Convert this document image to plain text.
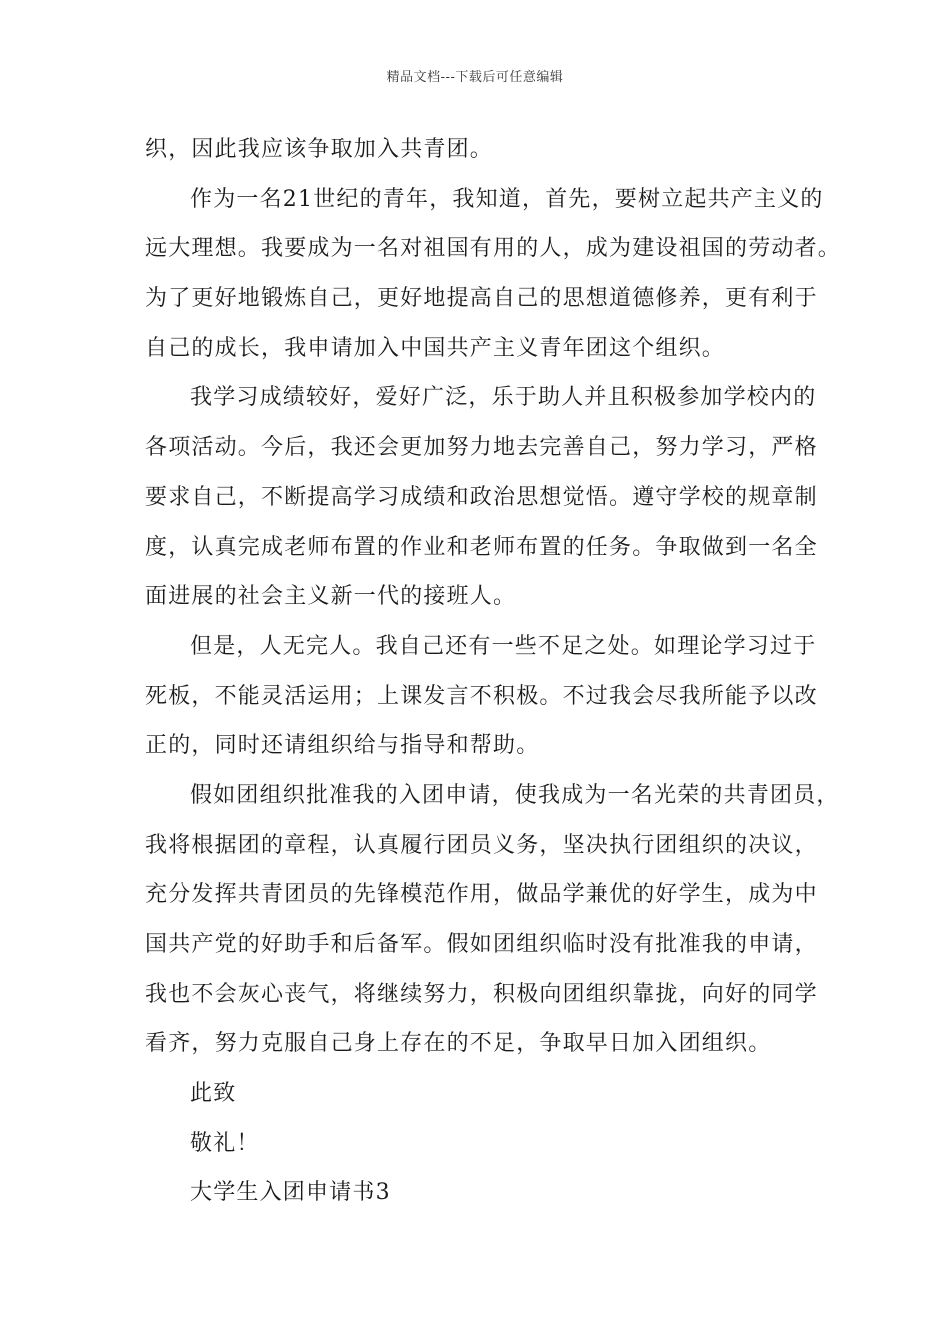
精品文档---下载后可任意编辑
织，因此我应该争取加入共青团。
作为一名21世纪的青年，我知道，首先，要树立起共产主义的
远大理想。我要成为一名对祖国有用的人，成为建设祖国的劳动者。
为了更好地锻炼自己，更好地提高自己的思想道德修养，更有利于
自己的成长，我申请加入中国共产主义青年团这个组织。
我学习成绩较好，爱好广泛，乐于助人并且积极参加学校内的
各项活动。今后，我还会更加努力地去完善自己，努力学习，严格
要求自己，不断提高学习成绩和政治思想觉悟。遵守学校的规章制
度，认真完成老师布置的作业和老师布置的任务。争取做到一名全
面进展的社会主义新一代的接班人。
但是，人无完人。我自己还有一些不足之处。如理论学习过于
死板，不能灵活运用；上课发言不积极。不过我会尽我所能予以改
正的，同时还请组织给与指导和帮助。
假如团组织批准我的入团申请，使我成为一名光荣的共青团员，
我将根据团的章程，认真履行团员义务，坚决执行团组织的决议，
充分发挥共青团员的先锋模范作用，做品学兼优的好学生，成为中
国共产党的好助手和后备军。假如团组织临时没有批准我的申请，
我也不会灰心丧气，将继续努力，积极向团组织靠拢，向好的同学
看齐，努力克服自己身上存在的不足，争取早日加入团组织。
此致
敬礼！
大学生入团申请书3
